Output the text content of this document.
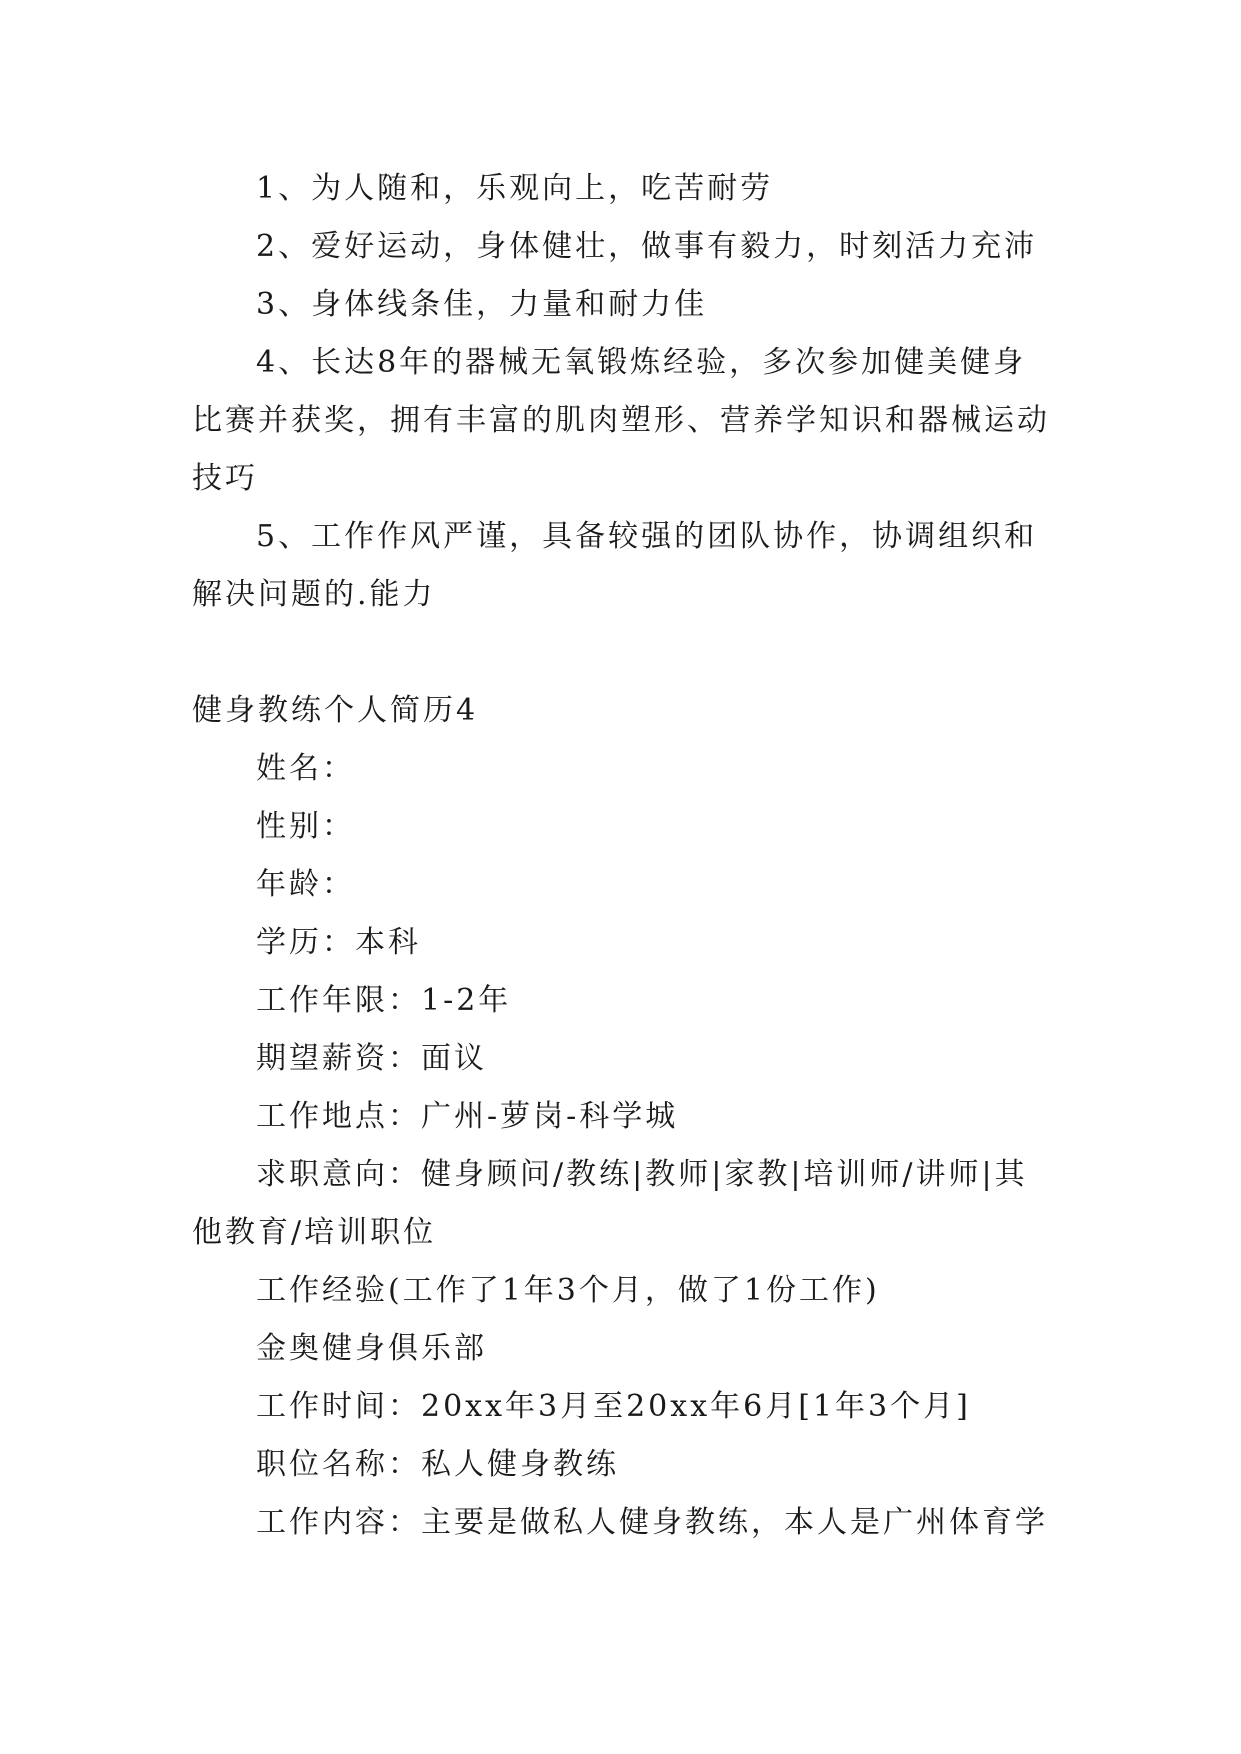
1、为人随和，乐观向上，吃苦耐劳

2、爱好运动，身体健壮，做事有毅力，时刻活力充沛

3、身体线条佳，力量和耐力佳

4、长达8年的器械无氧锻炼经验，多次参加健美健身比赛并获奖，拥有丰富的肌肉塑形、营养学知识和器械运动技巧

5、工作作风严谨，具备较强的团队协作，协调组织和解决问题的.能力

健身教练个人简历4

姓名：

性别：

年龄：

学历：本科

工作年限：1-2年

期望薪资：面议

工作地点：广州-萝岗-科学城

求职意向：健身顾问/教练|教师|家教|培训师/讲师|其他教育/培训职位

工作经验(工作了1年3个月，做了1份工作)

金奥健身俱乐部

工作时间：20xx年3月至20xx年6月[1年3个月]

职位名称：私人健身教练

工作内容：主要是做私人健身教练，本人是广州体育学
